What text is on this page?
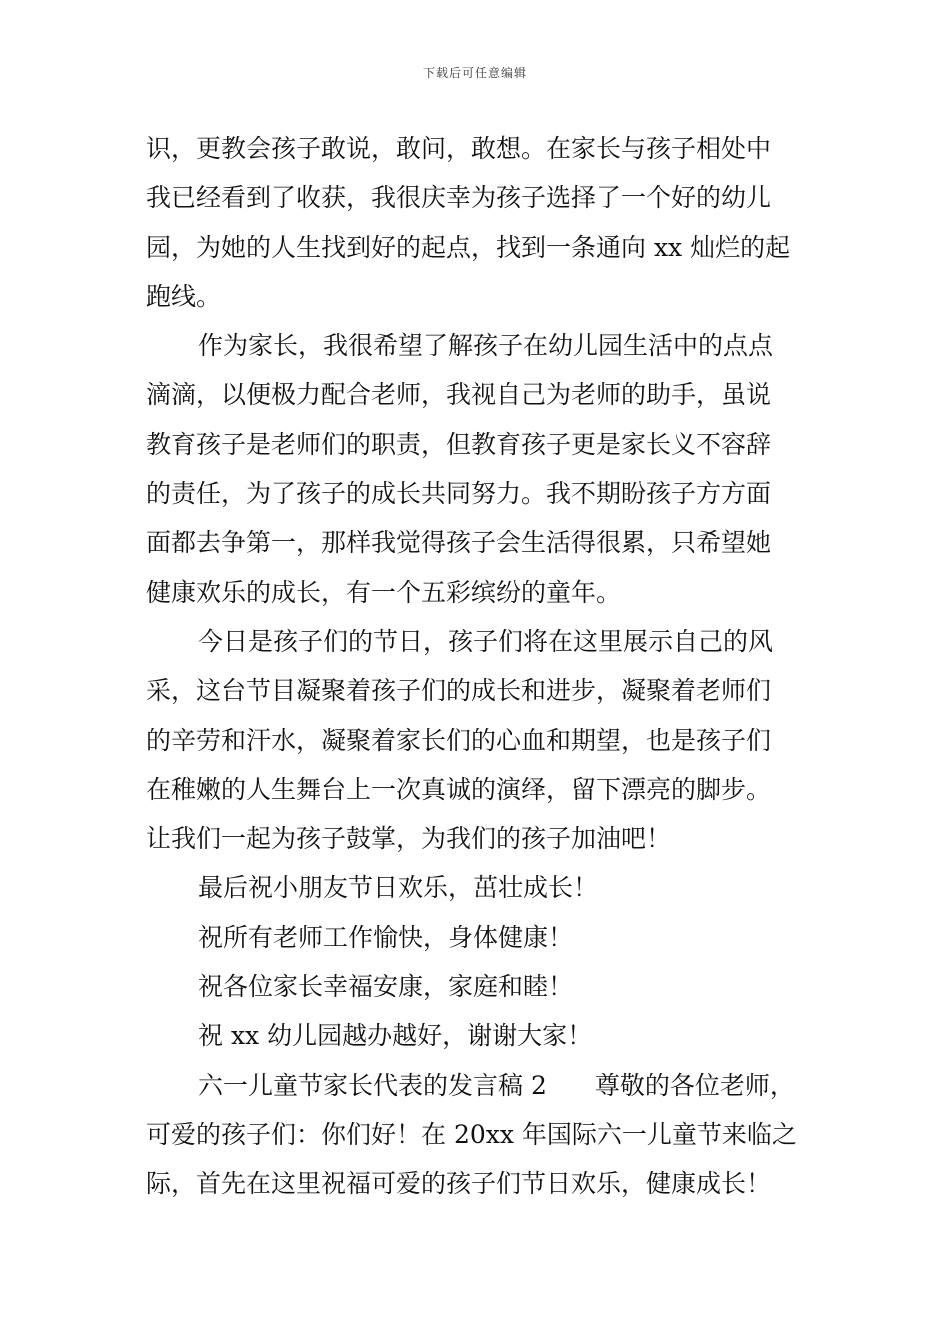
下载后可任意编辑
识，更教会孩子敢说，敢问，敢想。在家长与孩子相处中
我已经看到了收获，我很庆幸为孩子选择了一个好的幼儿
园，为她的人生找到好的起点，找到一条通向 xx 灿烂的起
跑线。
作为家长，我很希望了解孩子在幼儿园生活中的点点
滴滴，以便极力配合老师，我视自己为老师的助手，虽说
教育孩子是老师们的职责，但教育孩子更是家长义不容辞
的责任，为了孩子的成长共同努力。我不期盼孩子方方面
面都去争第一，那样我觉得孩子会生活得很累，只希望她
健康欢乐的成长，有一个五彩缤纷的童年。
今日是孩子们的节日，孩子们将在这里展示自己的风
采，这台节目凝聚着孩子们的成长和进步，凝聚着老师们
的辛劳和汗水，凝聚着家长们的心血和期望，也是孩子们
在稚嫩的人生舞台上一次真诚的演绎，留下漂亮的脚步。
让我们一起为孩子鼓掌，为我们的孩子加油吧！
最后祝小朋友节日欢乐，茁壮成长！
祝所有老师工作愉快，身体健康！
祝各位家长幸福安康，家庭和睦！
祝 xx 幼儿园越办越好，谢谢大家！
六一儿童节家长代表的发言稿 2 尊敬的各位老师，
可爱的孩子们：你们好！在 20xx 年国际六一儿童节来临之
际，首先在这里祝福可爱的孩子们节日欢乐，健康成长！
